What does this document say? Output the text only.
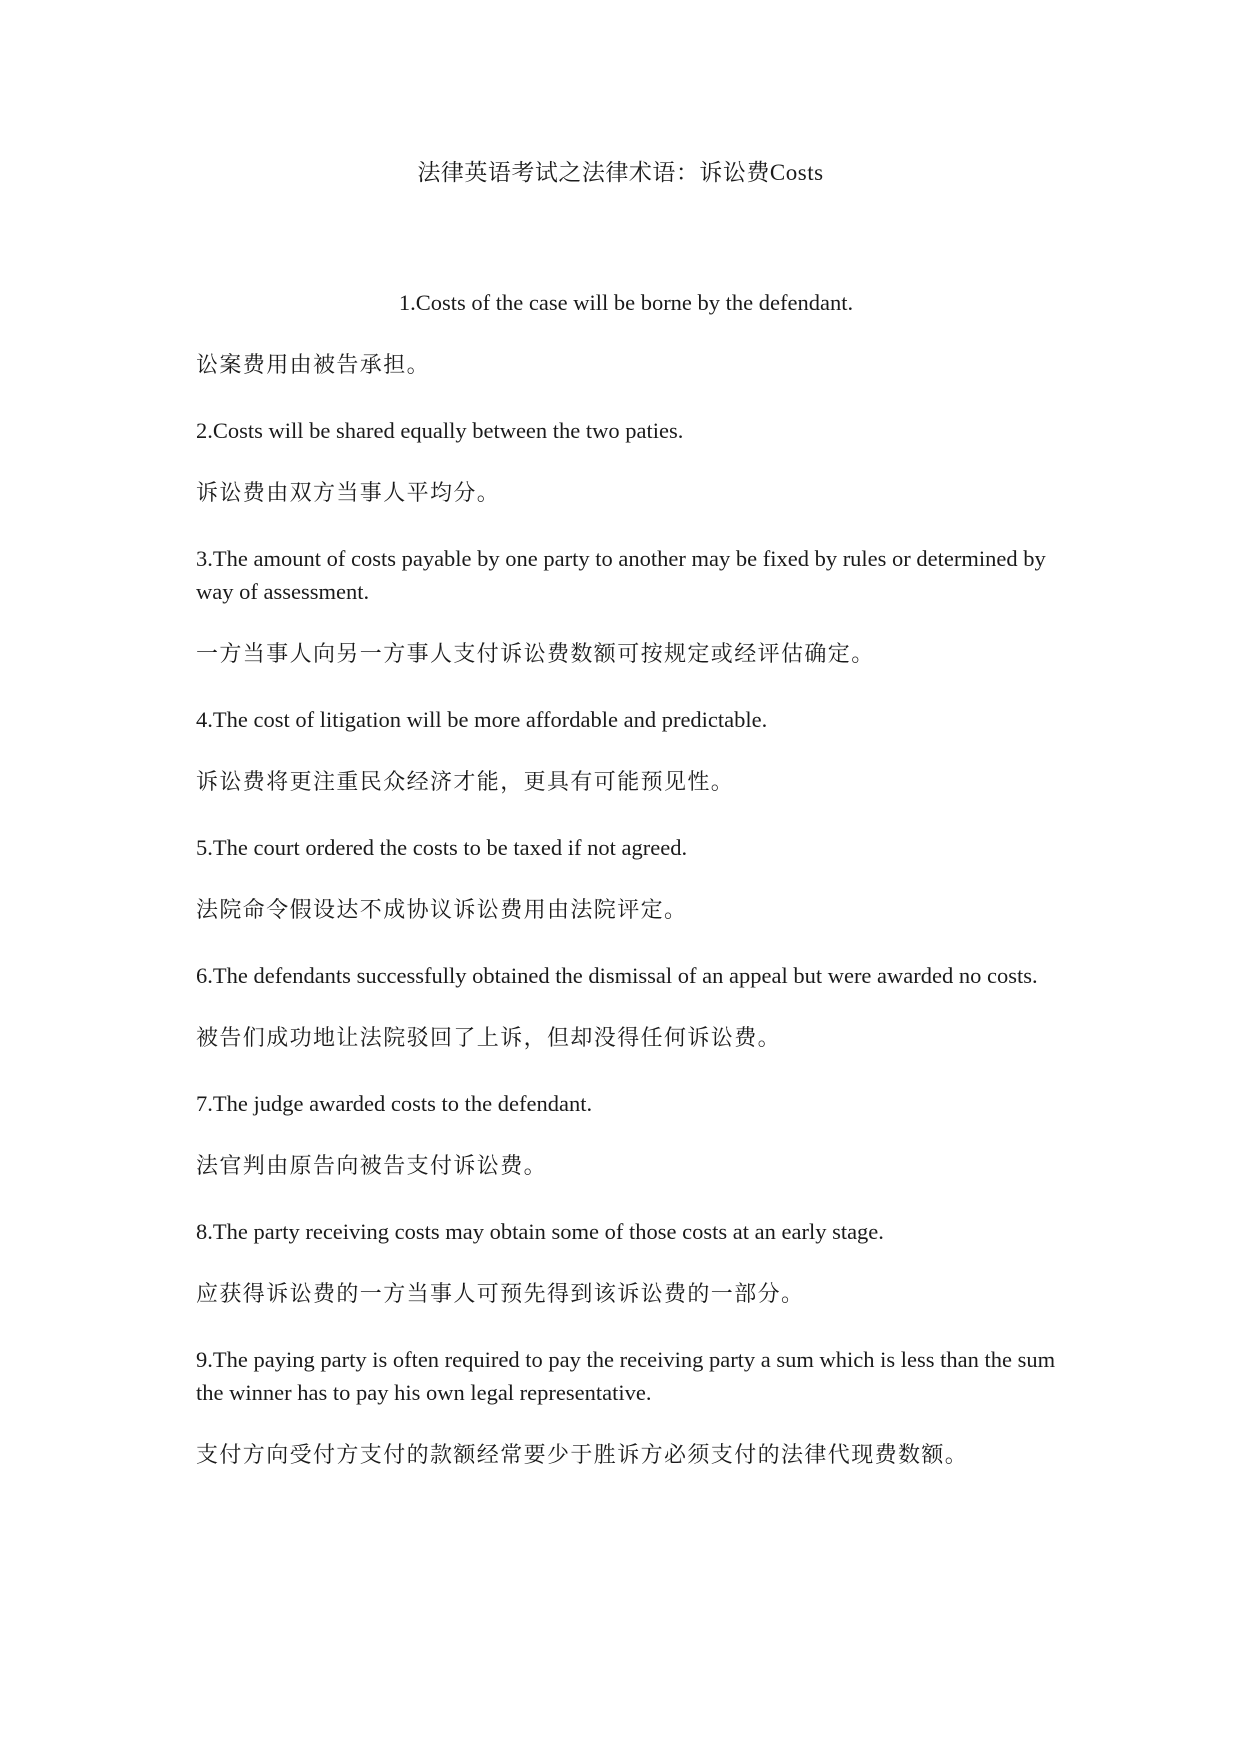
法律英语考试之法律术语：诉讼费Costs

1.Costs of the case will be borne by the defendant.

讼案费用由被告承担。

2.Costs will be shared equally between the two paties.

诉讼费由双方当事人平均分。

3.The amount of costs payable by one party to another may be fixed by rules or determined by way of assessment.

一方当事人向另一方事人支付诉讼费数额可按规定或经评估确定。

4.The cost of litigation will be more affordable and predictable.

诉讼费将更注重民众经济才能，更具有可能预见性。

5.The court ordered the costs to be taxed if not agreed.

法院命令假设达不成协议诉讼费用由法院评定。

6.The defendants successfully obtained the dismissal of an appeal but were awarded no costs.

被告们成功地让法院驳回了上诉，但却没得任何诉讼费。

7.The judge awarded costs to the defendant.

法官判由原告向被告支付诉讼费。

8.The party receiving costs may obtain some of those costs at an early stage.

应获得诉讼费的一方当事人可预先得到该诉讼费的一部分。

9.The paying party is often required to pay the receiving party a sum which is less than the sum the winner has to pay his own legal representative.

支付方向受付方支付的款额经常要少于胜诉方必须支付的法律代现费数额。
